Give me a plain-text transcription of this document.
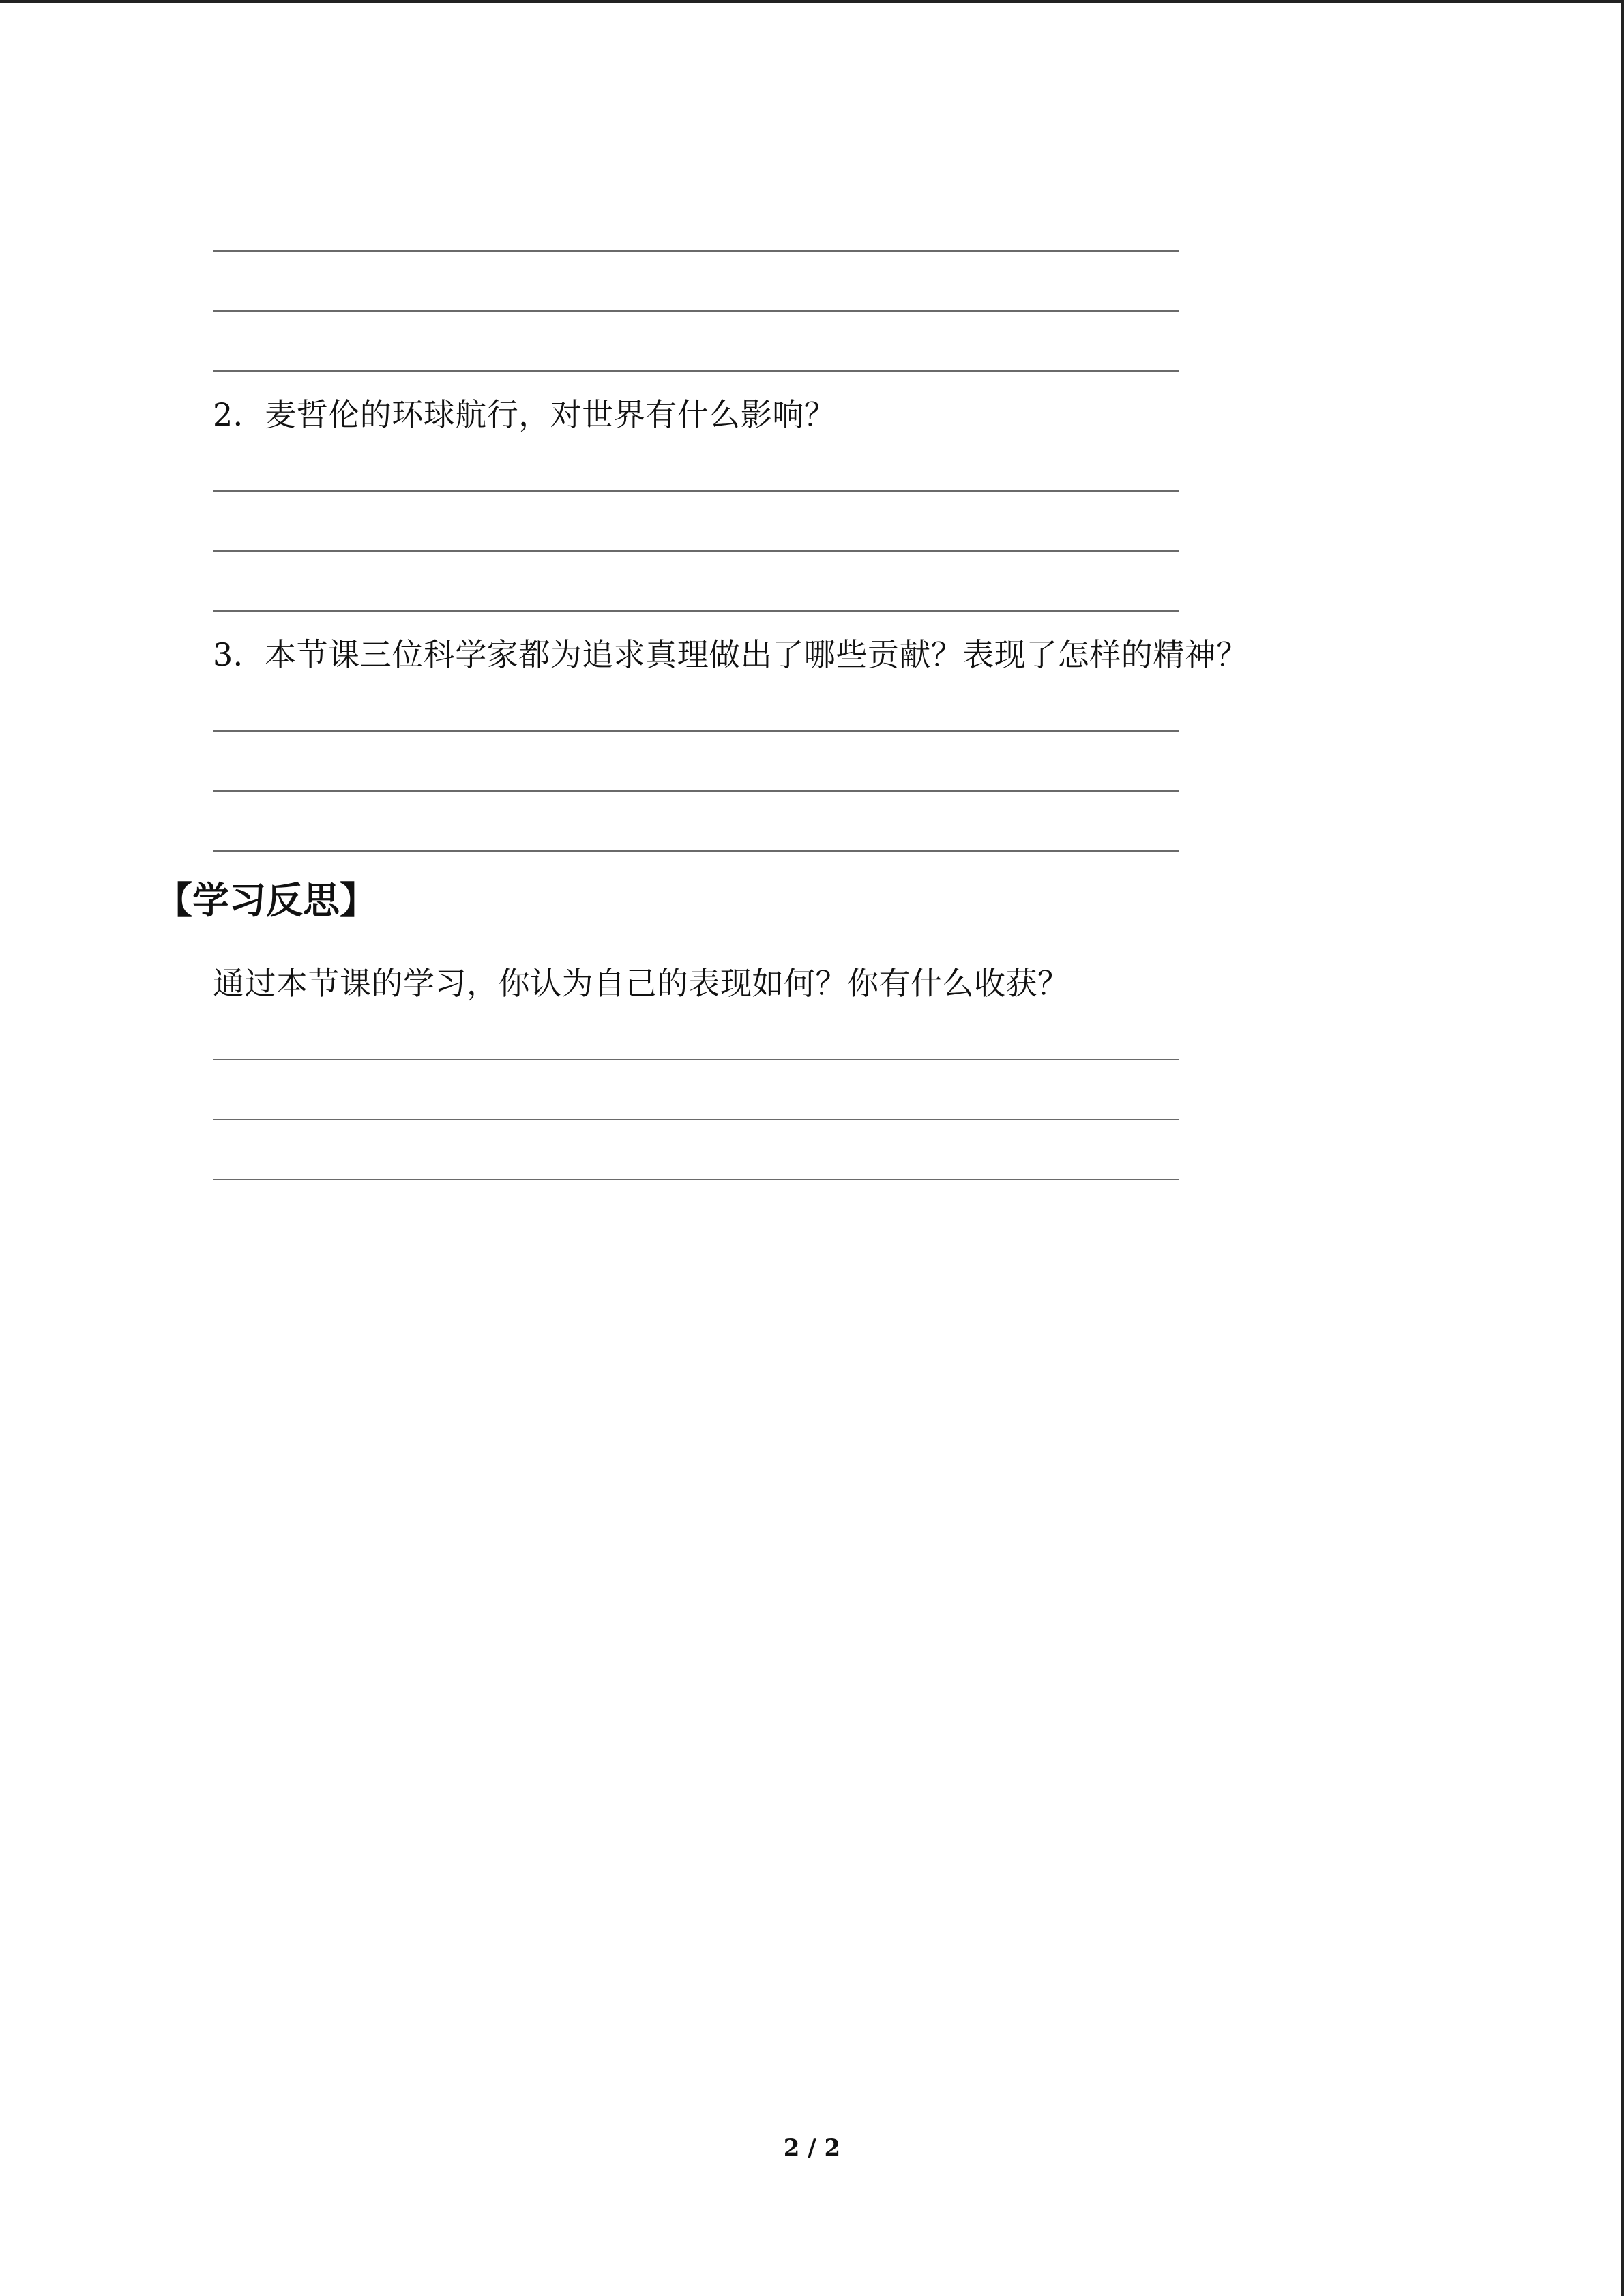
2．麦哲伦的环球航行，对世界有什么影响？
3．本节课三位科学家都为追求真理做出了哪些贡献？表现了怎样的精神？
【学习反思】
通过本节课的学习，你认为自己的表现如何？你有什么收获？
2 / 2
